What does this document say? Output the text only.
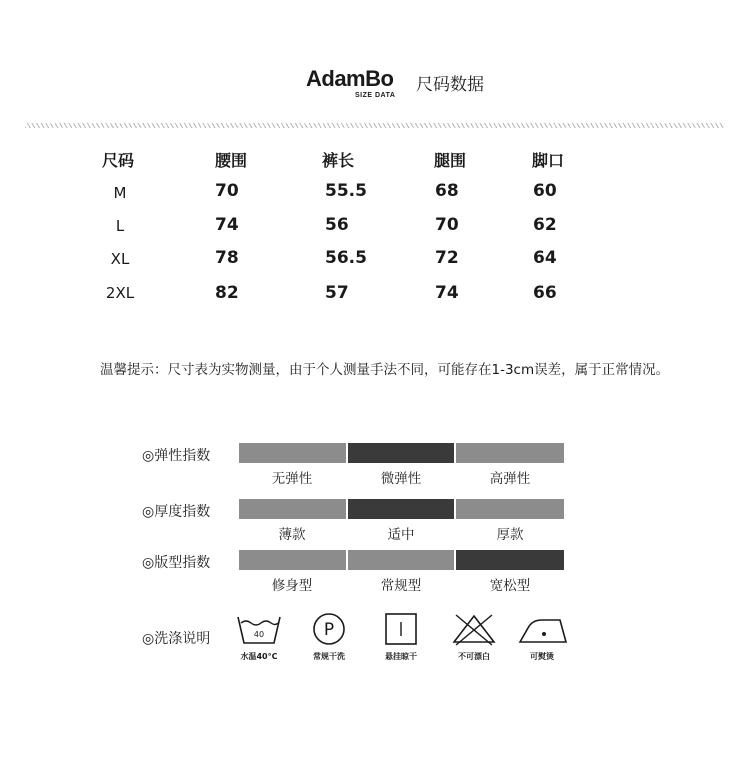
AdamBo
SIZE DATA
尺码数据
尺码	腰围	裤长	腿围	脚口
M	70	55.5	68	60
L	74	56	70	62
XL	78	56.5	72	64
2XL	82	57	74	66
温馨提示：尺寸表为实物测量，由于个人测量手法不同，可能存在1-3cm误差，属于正常情况。
◎弹性指数
无弹性	微弹性	高弹性
◎厚度指数
薄款	适中	厚款
◎版型指数
修身型	常规型	宽松型
◎洗涤说明	40
水温40°C
P
常规干洗	悬挂晾干	不可漂白	可熨烫
